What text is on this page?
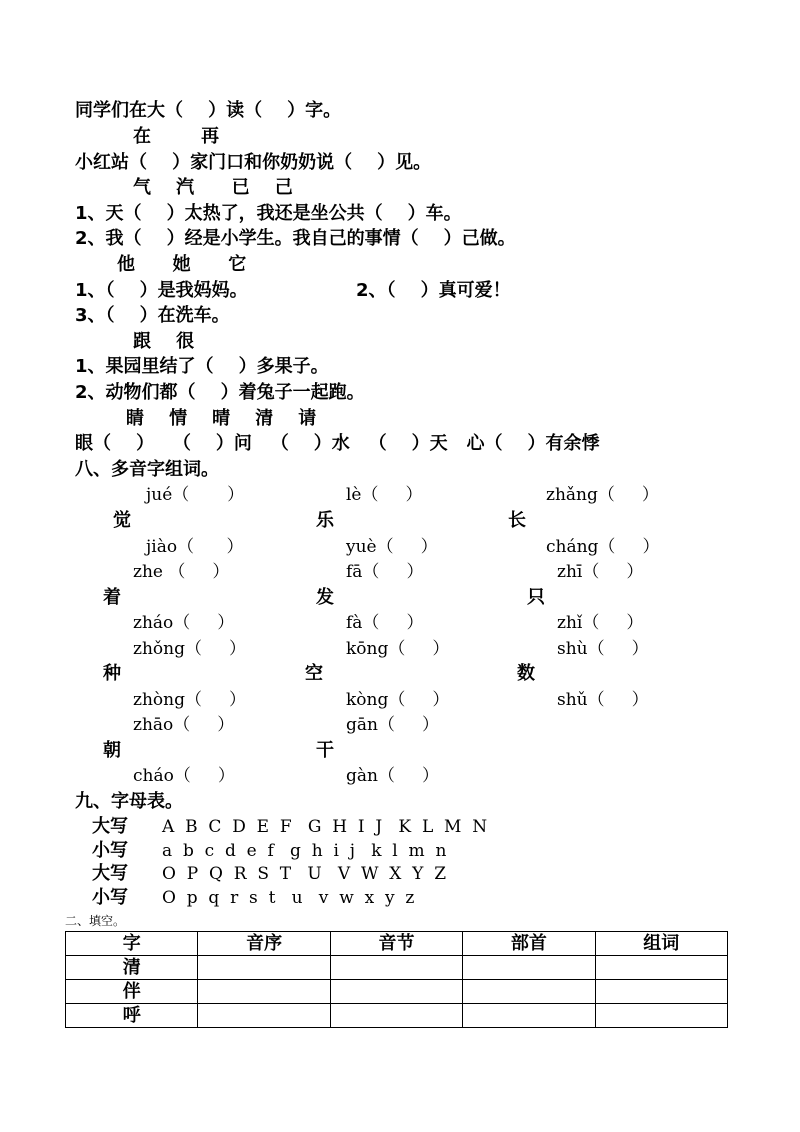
同学们在大（    ）读（    ）字。
在        再
小红站（    ）家门口和你奶奶说（    ）见。
气    汽      已    己
1、天（    ）太热了，我还是坐公共（    ）车。
2、我（    ）经是小学生。我自己的事情（    ）己做。
他      她      它
1、（    ）是我妈妈。	2、（    ）真可爱！
3、（    ）在洗车。
跟    很
1、果园里结了（    ）多果子。
2、动物们都（    ）着兔子一起跑。
睛    情    晴    清    请
眼（    ）   （    ）问   （    ）水   （    ）天   心（    ）有余悸
八、多音字组词。
jué（       ）	lè（     ）	zhǎng（     ）
觉	乐	长
jiào（      ）	yuè（     ）	cháng（     ）
zhe （     ）	fā（     ）	zhī（     ）
着	发	只
zháo（     ）	fà（     ）	zhǐ（     ）
zhǒng（     ）	kōng（     ）	shù（     ）
种	空	数
zhòng（     ）	kòng（     ）	shǔ（     ）
zhāo（     ）	gān（     ）
朝	干
cháo（     ）	gàn（     ）
九、字母表。
大写 A  B  C  D  E  F   G  H  I  J   K  L  M  N
小写 a  b  c  d  e  f   g  h  i  j   k  l  m  n
大写 O  P  Q  R  S  T   U   V  W  X  Y  Z
小写 O  p  q  r  s  t   u   v  w  x  y  z
二、填空。
字	音序	音节	部首	组词
清				
伴				
呼				
